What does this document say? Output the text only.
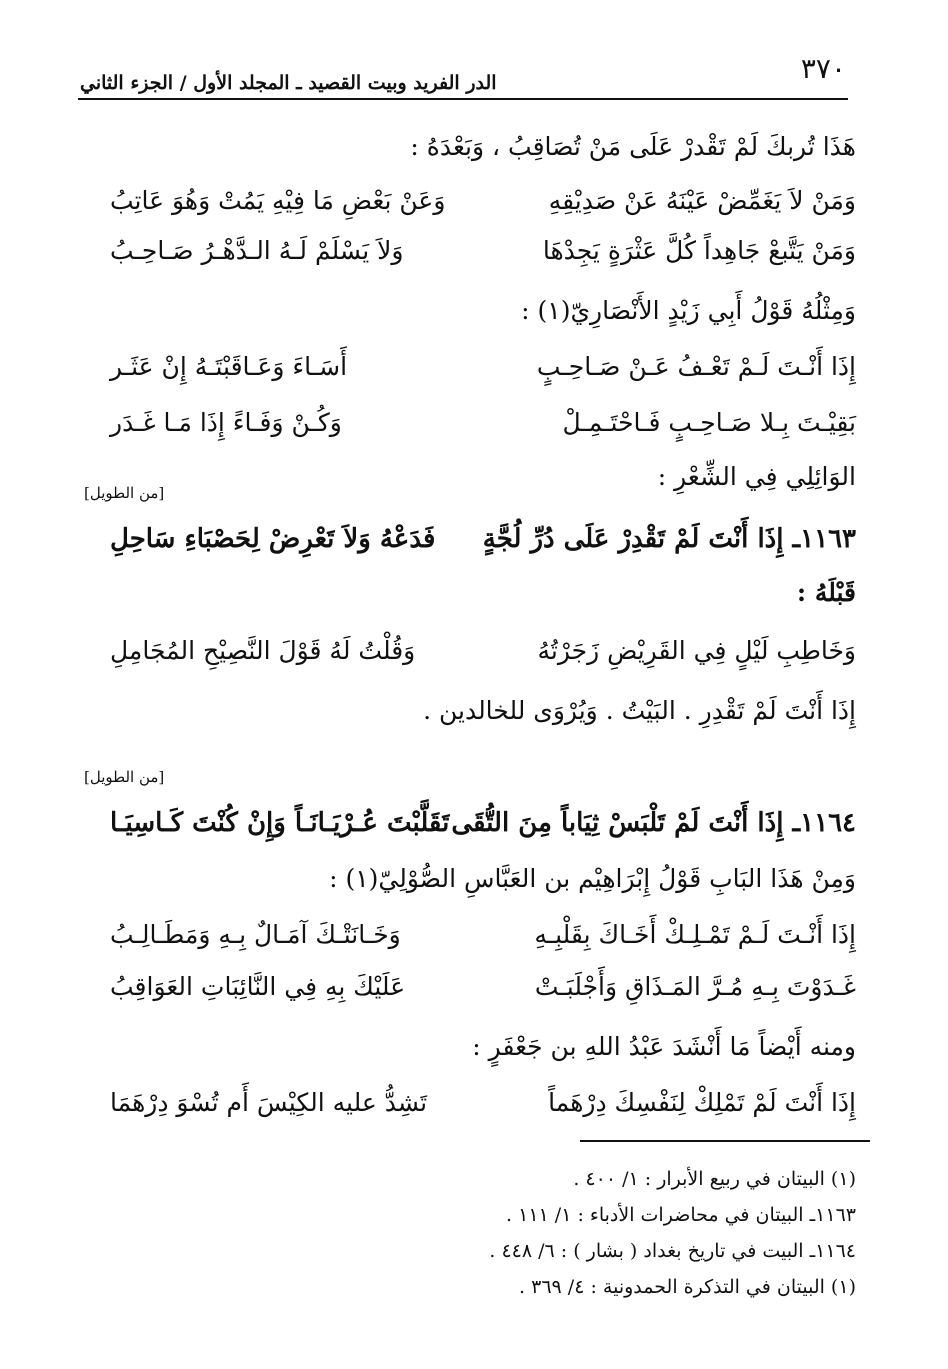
٣٧٠
الدر الفريد وبيت القصيد ـ المجلد الأول / الجزء الثاني
هَذَا تُربكَ لَمْ تَقْدرْ عَلَى مَنْ تُصَاقِبُ ، وَبَعْدَهُ :
وَمَنْ لاَ يَغَمِّضْ عَيْنَهُ عَنْ صَدِيْقِهِ
وَعَنْ بَعْضِ مَا فِيْهِ يَمُتْ وَهُوَ عَاتِبُ
وَمَنْ يَتَّبعْ جَاهِداً كُلَّ عَثْرَةٍ يَجِدْهَا
وَلاَ يَسْلَمْ لَـهُ الـدَّهْـرُ صَـاحِـبُ
وَمِثْلُهُ قَوْلُ أَبِي زَيْدٍ الأَنْصَارِيّ(١) :
إِذَا أَنْـتَ لَـمْ تَعْـفُ عَـنْ صَـاحِـبٍ
أَسَـاءَ وَعَـاقَبْتَـهُ إِنْ عَثَـر
بَقِيْـتَ بِـلا صَـاحِـبٍ فَـاحْتَـمِـلْ
وَكُـنْ وَفَـاءً إِذَا مَـا غَـدَر
الوَائِلِي فِي الشِّعْرِ :
[من الطويل]
١١٦٣ـ إِذَا أَنْتَ لَمْ تَقْدِرْ عَلَى دُرِّ لُجَّةٍ
فَدَعْهُ وَلاَ تَعْرِضْ لِحَصْبَاءِ سَاحِلِ
قَبْلَهُ :
وَخَاطِبِ لَيْلٍ فِي القَرِيْضِ زَجَرْتُهُ
وَقُلْتُ لَهُ قَوْلَ النَّصِيْحِ المُجَامِلِ
إِذَا أَنْتَ لَمْ تَقْدِرِ . البَيْتُ . وَيُرْوَى للخالدين .
[من الطويل]
١١٦٤ـ إِذَا أَنْتَ لَمْ تَلْبَسْ ثِيَاباً مِنَ التُّقَى
تَقَلَّبْتَ عُـرْيَـانَـاً وَإِنْ كُنْتَ كَـاسِيَـا
وَمِنْ هَذَا البَابِ قَوْلُ إِبْرَاهِيْم بن العَبَّاسِ الصُّوْلِيّ(١) :
إِذَا أَنْـتَ لَـمْ تَمْـلِـكْ أَخَـاكَ بِقَلْبِـهِ
وَخَـانَتْـكَ آمَـالٌ بِـهِ وَمَطَـالِـبُ
غَـدَوْتَ بِـهِ مُـرَّ المَـذَاقِ وَأَجْلَبَـتْ
عَلَيْكَ بِهِ فِي النَّائِبَاتِ العَوَاقِبُ
ومنه أَيْضاً مَا أَنْشَدَ عَبْدُ اللهِ بن جَعْفَرٍ :
إِذَا أَنْتَ لَمْ تَمْلِكْ لِنَفْسِكَ دِرْهَماً
تَشِدُّ عليه الكِيْسَ أَم تُسْوَ دِرْهَمَا
(١) البيتان في ربيع الأبرار : ١/ ٤٠٠ .
١١٦٣ـ البيتان في محاضرات الأدباء : ١/ ١١١ .
١١٦٤ـ البيت في تاريخ بغداد ( بشار ) : ٦/ ٤٤٨ .
(١) البيتان في التذكرة الحمدونية : ٤/ ٣٦٩ .
